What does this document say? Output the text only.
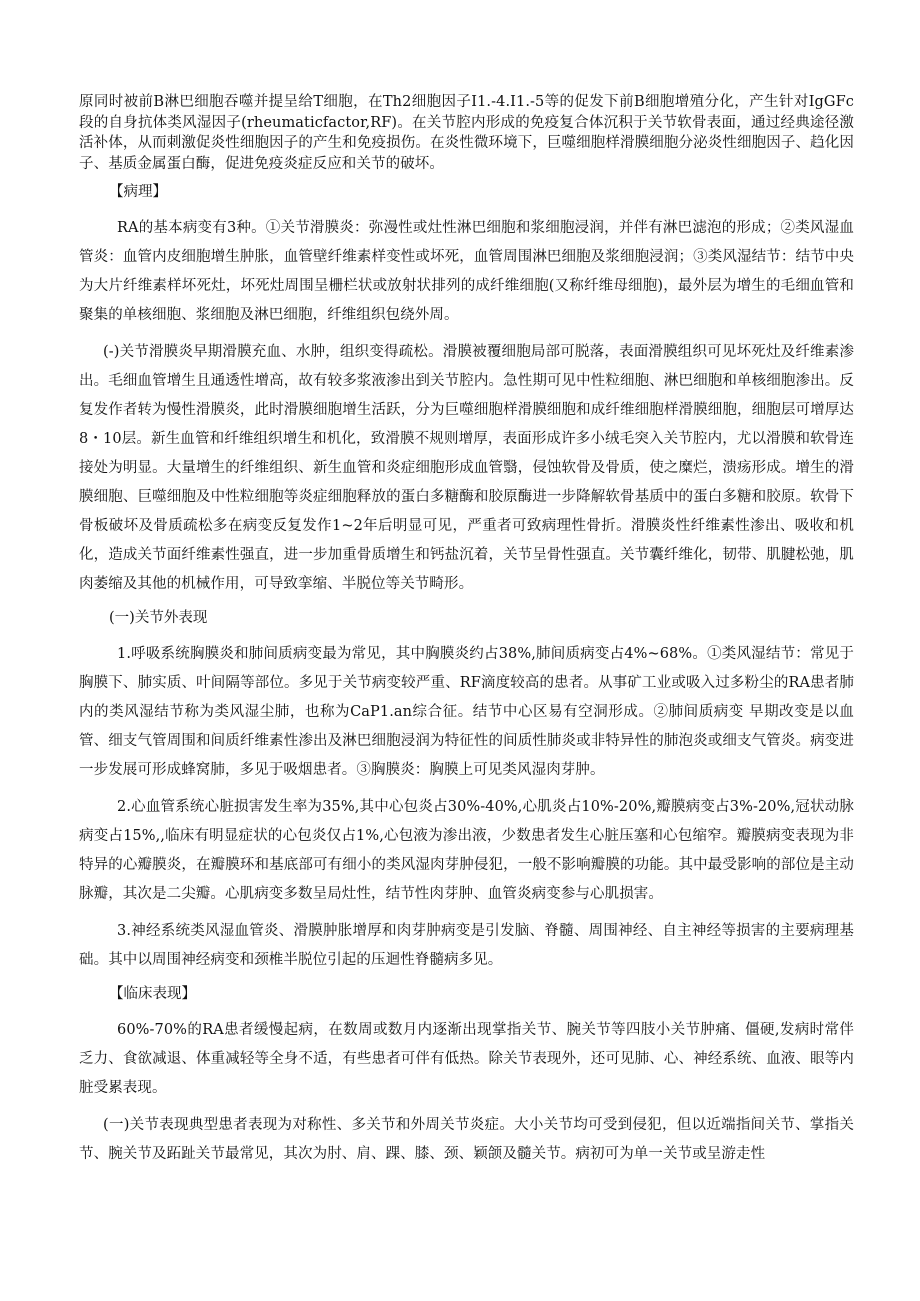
原同时被前B淋巴细胞吞噬并提呈给T细胞，在Th2细胞因子I1.-4.I1.-5等的促发下前B细胞增殖分化，产生针对IgGFc段的自身抗体类风湿因子(rheumaticfactor,RF)。在关节腔内形成的免疫复合体沉积于关节软骨表面，通过经典途径激活补体，从而刺激促炎性细胞因子的产生和免疫损伤。在炎性微环境下，巨噬细胞样滑膜细胞分泌炎性细胞因子、趋化因子、基质金属蛋白酶，促进免疫炎症反应和关节的破坏。

【病理】

RA的基本病变有3种。①关节滑膜炎：弥漫性或灶性淋巴细胞和浆细胞浸润，并伴有淋巴滤泡的形成；②类风湿血管炎：血管内皮细胞增生肿胀，血管壁纤维素样变性或坏死，血管周围淋巴细胞及浆细胞浸润；③类风湿结节：结节中央为大片纤维素样坏死灶，坏死灶周围呈栅栏状或放射状排列的成纤维细胞(又称纤维母细胞)，最外层为增生的毛细血管和聚集的单核细胞、浆细胞及淋巴细胞，纤维组织包绕外周。

(-)关节滑膜炎早期滑膜充血、水肿，组织变得疏松。滑膜被覆细胞局部可脱落，表面滑膜组织可见坏死灶及纤维素渗出。毛细血管增生且通透性增高，故有较多浆液渗出到关节腔内。急性期可见中性粒细胞、淋巴细胞和单核细胞渗出。反复发作者转为慢性滑膜炎，此时滑膜细胞增生活跃，分为巨噬细胞样滑膜细胞和成纤维细胞样滑膜细胞，细胞层可增厚达8・10层。新生血管和纤维组织增生和机化，致滑膜不规则增厚，表面形成许多小绒毛突入关节腔内，尤以滑膜和软骨连接处为明显。大量增生的纤维组织、新生血管和炎症细胞形成血管翳，侵蚀软骨及骨质，使之糜烂，溃疡形成。增生的滑膜细胞、巨噬细胞及中性粒细胞等炎症细胞释放的蛋白多糖酶和胶原酶进一步降解软骨基质中的蛋白多糖和胶原。软骨下骨板破坏及骨质疏松多在病变反复发作1~2年后明显可见，严重者可致病理性骨折。滑膜炎性纤维素性渗出、吸收和机化，造成关节面纤维素性强直，进一步加重骨质增生和钙盐沉着，关节呈骨性强直。关节囊纤维化，韧带、肌腱松弛，肌肉萎缩及其他的机械作用，可导致挛缩、半脱位等关节畸形。

(一)关节外表现

1.呼吸系统胸膜炎和肺间质病变最为常见，其中胸膜炎约占38%,肺间质病变占4%~68%。①类风湿结节：常见于胸膜下、肺实质、叶间隔等部位。多见于关节病变较严重、RF滴度较高的患者。从事矿工业或吸入过多粉尘的RA患者肺内的类风湿结节称为类风湿尘肺，也称为CaP1.an综合征。结节中心区易有空洞形成。②肺间质病变 早期改变是以血管、细支气管周围和间质纤维素性渗出及淋巴细胞浸润为特征性的间质性肺炎或非特异性的肺泡炎或细支气管炎。病变进一步发展可形成蜂窝肺，多见于吸烟患者。③胸膜炎：胸膜上可见类风湿肉芽肿。

2.心血管系统心脏损害发生率为35%,其中心包炎占30%-40%,心肌炎占10%-20%,瓣膜病变占3%-20%,冠状动脉病变占15%,,临床有明显症状的心包炎仅占1%,心包液为渗出液，少数患者发生心脏压塞和心包缩窄。瓣膜病变表现为非特异的心瓣膜炎，在瓣膜环和基底部可有细小的类风湿肉芽肿侵犯，一般不影响瓣膜的功能。其中最受影响的部位是主动脉瓣，其次是二尖瓣。心肌病变多数呈局灶性，结节性肉芽肿、血管炎病变参与心肌损害。

3.神经系统类风湿血管炎、滑膜肿胀增厚和肉芽肿病变是引发脑、脊髓、周围神经、自主神经等损害的主要病理基础。其中以周围神经病变和颈椎半脱位引起的压迴性脊髓病多见。

【临床表现】

60%-70%的RA患者缓慢起病，在数周或数月内逐渐出现掌指关节、腕关节等四肢小关节肿痛、僵硬,发病时常伴乏力、食欲减退、体重减轻等全身不适，有些患者可伴有低热。除关节表现外，还可见肺、心、神经系统、血液、眼等内脏受累表现。

(一)关节表现典型患者表现为对称性、多关节和外周关节炎症。大小关节均可受到侵犯，但以近端指间关节、掌指关节、腕关节及跖趾关节最常见，其次为肘、肩、踝、膝、颈、颖颌及髓关节。病初可为单一关节或呈游走性
